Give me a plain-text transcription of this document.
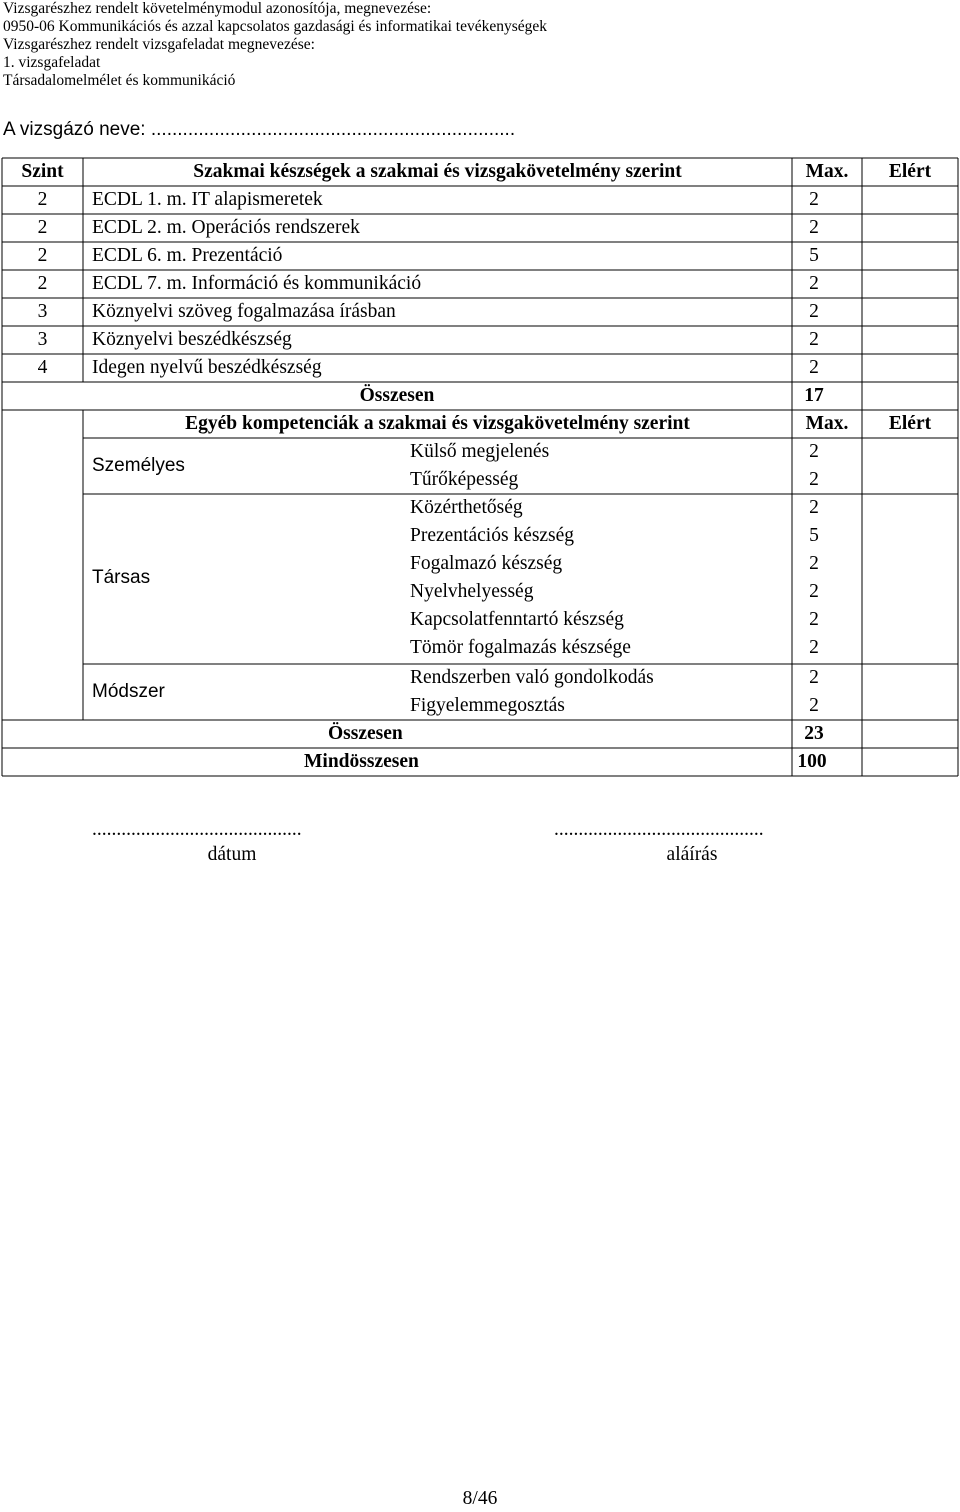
Vizsgarészhez rendelt követelménymodul azonosítója, megnevezése:
0950-06 Kommunikációs és azzal kapcsolatos gazdasági és informatikai tevékenységek
Vizsgarészhez rendelt vizsgafeladat megnevezése:
1. vizsgafeladat
Társadalomelmélet és kommunikáció
A vizsgázó neve: .....................................................................
Szint	Szakmai készségek a szakmai és vizsgakövetelmény szerint	Max.	Elért
2	ECDL 1. m. IT alapismeretek	2
2	ECDL 2. m. Operációs rendszerek	2
2	ECDL 6. m. Prezentáció	5
2	ECDL 7. m. Információ és kommunikáció	2
3	Köznyelvi szöveg fogalmazása írásban	2
3	Köznyelvi beszédkészség	2
4	Idegen nyelvű beszédkészség	2
Összesen	17
Egyéb kompetenciák a szakmai és vizsgakövetelmény szerint	Max.	Elért
Személyes
Külső megjelenés	2
Tűrőképesség	2
Társas
Közérthetőség	2
Prezentációs készség	5
Fogalmazó készség	2
Nyelvhelyesség	2
Kapcsolatfenntartó készség	2
Tömör fogalmazás készsége	2
Módszer
Rendszerben való gondolkodás	2
Figyelemmegosztás	2
Összesen	23
Mindösszesen	100
...........................................	...........................................
dátum	aláírás
8/46
